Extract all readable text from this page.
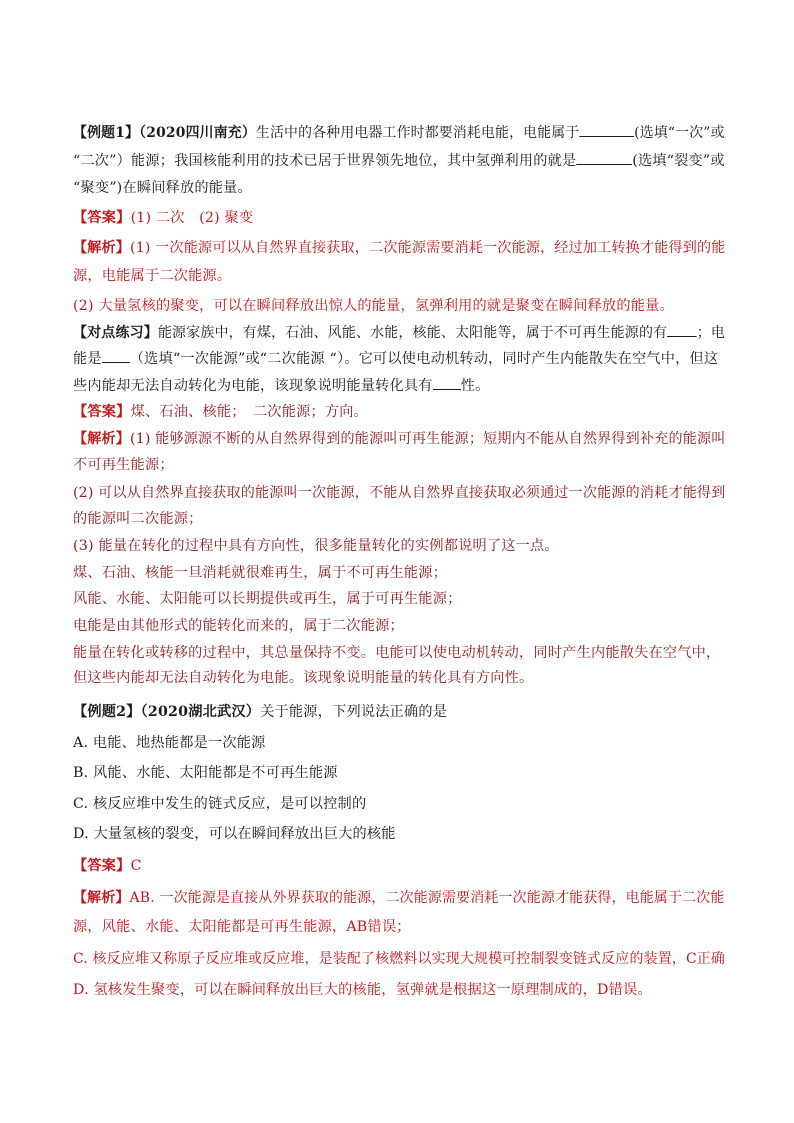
【例题1】（2020四川南充）生活中的各种用电器工作时都要消耗电能，电能属于	(选填“一次”或
“二次”）能源；我国核能利用的技术已居于世界领先地位，其中氢弹利用的就是	(选填“裂变”或
“聚变”)在瞬间释放的能量。
【答案】(1) 二次　(2) 聚变
【解析】(1) 一次能源可以从自然界直接获取，二次能源需要消耗一次能源，经过加工转换才能得到的能
源，电能属于二次能源。
(2) 大量氢核的聚变，可以在瞬间释放出惊人的能量，氢弹利用的就是聚变在瞬间释放的能量。
【对点练习】能源家族中，有煤，石油、风能、水能，核能、太阳能等，属于不可再生能源的有 ；电
能是 （选填“一次能源”或“二次能源 “）。它可以使电动机转动，同时产生内能散失在空气中，但这
些内能却无法自动转化为电能，该现象说明能量转化具有 性。
【答案】煤、石油、核能；　二次能源；方向。
【解析】(1) 能够源源不断的从自然界得到的能源叫可再生能源；短期内不能从自然界得到补充的能源叫
不可再生能源；
(2) 可以从自然界直接获取的能源叫一次能源，不能从自然界直接获取必须通过一次能源的消耗才能得到
的能源叫二次能源；
(3) 能量在转化的过程中具有方向性，很多能量转化的实例都说明了这一点。
煤、石油、核能一旦消耗就很难再生，属于不可再生能源；
风能、水能、太阳能可以长期提供或再生，属于可再生能源；
电能是由其他形式的能转化而来的，属于二次能源；
能量在转化或转移的过程中，其总量保持不变。电能可以使电动机转动，同时产生内能散失在空气中，
但这些内能却无法自动转化为电能。该现象说明能量的转化具有方向性。
【例题2】（2020湖北武汉）关于能源，下列说法正确的是
A. 电能、地热能都是一次能源
B. 风能、水能、太阳能都是不可再生能源
C. 核反应堆中发生的链式反应，是可以控制的
D. 大量氢核的裂变，可以在瞬间释放出巨大的核能
【答案】C
【解析】AB. 一次能源是直接从外界获取的能源，二次能源需要消耗一次能源才能获得，电能属于二次能
源，风能、水能、太阳能都是可再生能源，AB错误；
C. 核反应堆又称原子反应堆或反应堆，是装配了核燃料以实现大规模可控制裂变链式反应的装置，C正确
D. 氢核发生聚变，可以在瞬间释放出巨大的核能，氢弹就是根据这一原理制成的，D错误。
